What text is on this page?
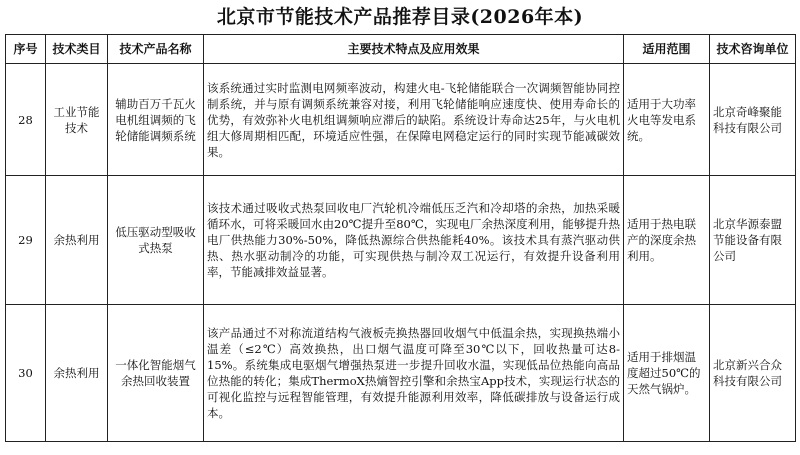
北京市节能技术产品推荐目录(2026年本)
序号	技术类目	技术产品名称	主要技术特点及应用效果	适用范围	技术咨询单位
28	工业节能技术	辅助百万千瓦火电机组调频的飞轮储能调频系统	该系统通过实时监测电网频率波动，构建火电-飞轮储能联合一次调频智能协同控制系统，并与原有调频系统兼容对接，利用飞轮储能响应速度快、使用寿命长的优势，有效弥补火电机组调频响应滞后的缺陷。系统设计寿命达25年，与火电机组大修周期相匹配，环境适应性强，在保障电网稳定运行的同时实现节能减碳效果。	适用于大功率火电等发电系统。	北京奇峰聚能科技有限公司
29	余热利用	低压驱动型吸收式热泵	该技术通过吸收式热泵回收电厂汽轮机冷端低压乏汽和冷却塔的余热，加热采暖循环水，可将采暖回水由20℃提升至80℃，实现电厂余热深度利用，能够提升热电厂供热能力30%-50%，降低热源综合供热能耗40%。该技术具有蒸汽驱动供热、热水驱动制冷的功能，可实现供热与制冷双工况运行，有效提升设备利用率，节能减排效益显著。	适用于热电联产的深度余热利用。	北京华源泰盟节能设备有限公司
30	余热利用	一体化智能烟气余热回收装置	该产品通过不对称流道结构气液板壳换热器回收烟气中低温余热，实现换热端小温差（≤2℃）高效换热，出口烟气温度可降至30℃以下，回收热量可达8-15%。系统集成电驱烟气增强热泵进一步提升回收水温，实现低品位热能向高品位热能的转化；集成ThermoX热熵智控引擎和余热宝App技术，实现运行状态的可视化监控与远程智能管理，有效提升能源利用效率，降低碳排放与设备运行成本。	适用于排烟温度超过50℃的天然气锅炉。	北京新兴合众科技有限公司
